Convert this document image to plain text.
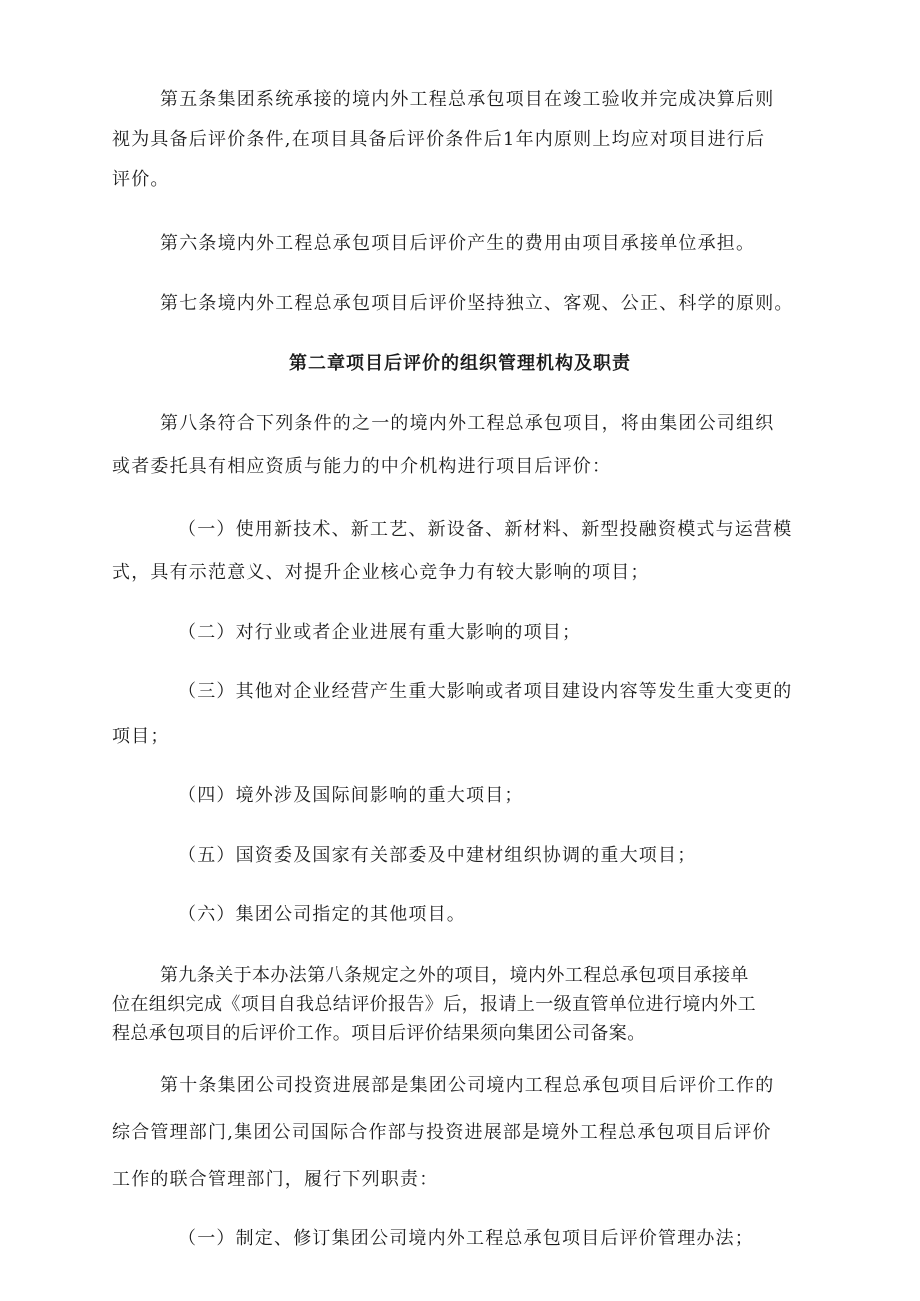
第五条集团系统承接的境内外工程总承包项目在竣工验收并完成决算后则
视为具备后评价条件,在项目具备后评价条件后1年内原则上均应对项目进行后
评价。
第六条境内外工程总承包项目后评价产生的费用由项目承接单位承担。
第七条境内外工程总承包项目后评价坚持独立、客观、公正、科学的原则。
第二章项目后评价的组织管理机构及职责
第八条符合下列条件的之一的境内外工程总承包项目，将由集团公司组织
或者委托具有相应资质与能力的中介机构进行项目后评价：
（一）使用新技术、新工艺、新设备、新材料、新型投融资模式与运营模
式，具有示范意义、对提升企业核心竞争力有较大影响的项目；
（二）对行业或者企业进展有重大影响的项目；
（三）其他对企业经营产生重大影响或者项目建设内容等发生重大变更的
项目；
（四）境外涉及国际间影响的重大项目；
（五）国资委及国家有关部委及中建材组织协调的重大项目；
（六）集团公司指定的其他项目。
第九条关于本办法第八条规定之外的项目，境内外工程总承包项目承接单
位在组织完成《项目自我总结评价报告》后，报请上一级直管单位进行境内外工
程总承包项目的后评价工作。项目后评价结果须向集团公司备案。
第十条集团公司投资进展部是集团公司境内工程总承包项目后评价工作的
综合管理部门,集团公司国际合作部与投资进展部是境外工程总承包项目后评价
工作的联合管理部门，履行下列职责：
（一）制定、修订集团公司境内外工程总承包项目后评价管理办法；
